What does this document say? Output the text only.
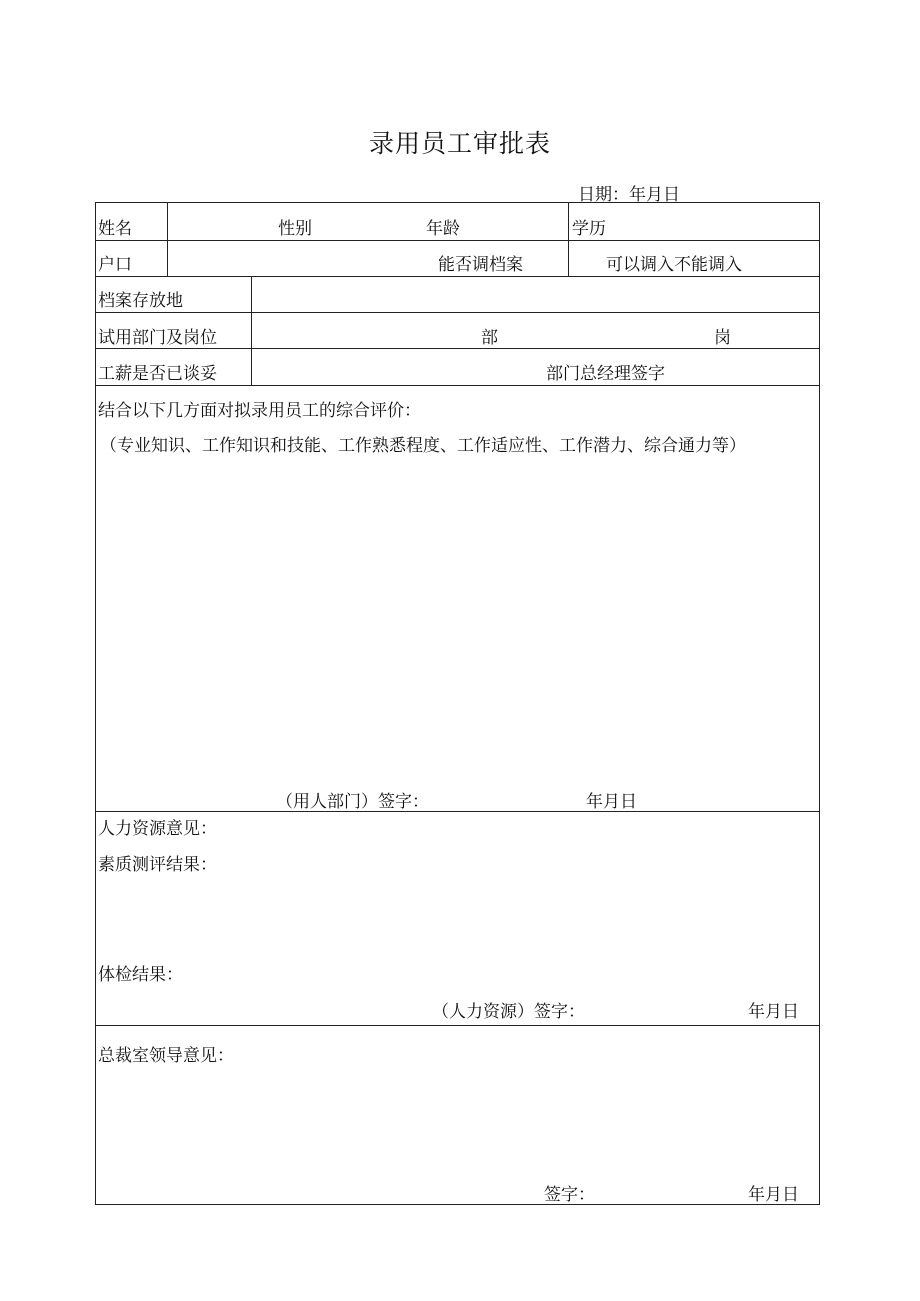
录用员工审批表
日期：年月日
姓名	性别	年龄	学历
户口	能否调档案	可以调入不能调入
档案存放地
试用部门及岗位	部	岗
工薪是否已谈妥	部门总经理签字
结合以下几方面对拟录用员工的综合评价：
（专业知识、工作知识和技能、工作熟悉程度、工作适应性、工作潜力、综合通力等）
（用人部门）签字：	年月日
人力资源意见：
素质测评结果：
体检结果：
（人力资源）签字：	年月日
总裁室领导意见：
签字：	年月日
